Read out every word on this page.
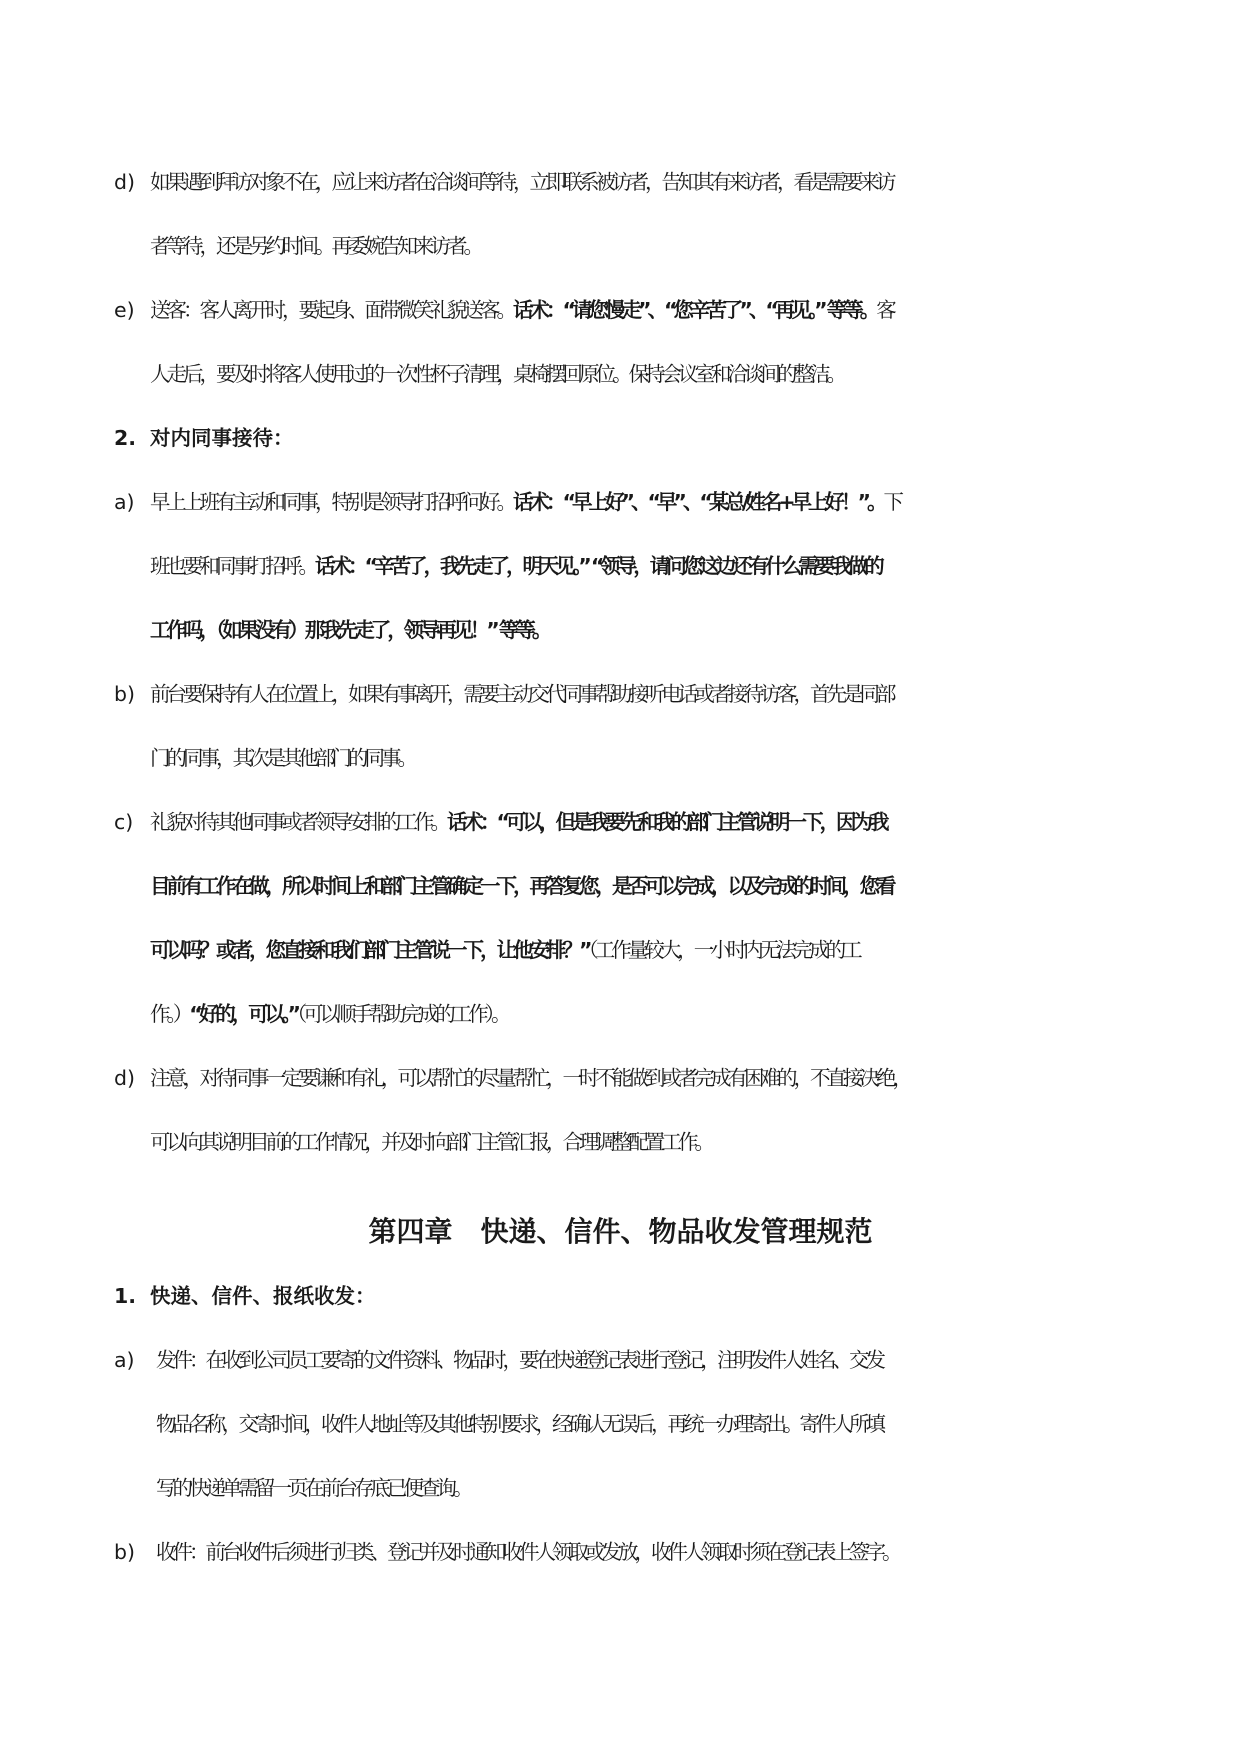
d) 如果遇到拜访对象不在，应让来访者在洽谈间等待，立即联系被访者，告知其有来访者，看是需要来访

者等待，还是另约时间。再委婉告知来访者。

e) 送客：客人离开时，要起身、面带微笑礼貌送客。话术：“请您慢走”、“您辛苦了”、“再见。” 等等。客

人走后，要及时将客人使用过的一次性杯子清理，桌椅摆回原位。保持会议室和洽谈间的整洁。

2. 对内同事接待：
a) 早上上班有主动和同事，特别是领导打招呼问好。话术：“早上好”、“早”、“某总/姓名+早上好！”。下

班也要和同事打招呼。话术：“辛苦了，我先走了，明天见。” “领导，请问您这边还有什么需要我做的

工作吗，（如果没有）那我先走了，领导再见！” 等等。

b) 前台要保持有人在位置上，如果有事离开，需要主动交代同事帮助接听电话或者接待访客，首先是同部

门的同事，其次是其他部门的同事。

c) 礼貌对待其他同事或者领导安排的工作。话术：“可以，但是我要先和我的部门主管说明一下，因为我

目前有工作在做，所以时间上和部门主管确定一下，再答复您，是否可以完成，以及完成的时间，您看

可以吗？或者，您直接和我们部门主管说一下，让他安排？”（工作量较大，一小时内无法完成的工

作。）“好的，可以。”（可以顺手帮助完成的工作）。

d) 注意，对待同事一定要谦和有礼，可以帮忙的尽量帮忙，一时不能做到或者完成有困难的，不直接决绝，

可以向其说明目前的工作情况，并及时向部门主管汇报，合理调整配置工作。

第四章　快递、信件、物品收发管理规范
1. 快递、信件、报纸收发：
a) 发件：在收到公司员工要寄的文件资料、物品时，要在快递登记表进行登记，注明发件人姓名、交发

物品名称，交寄时间，收件人地址等及其他特别要求，经确认无误后，再统一办理寄出。寄件人所填

写的快递单需留一页在前台存底已便查询。

b) 收件：前台收件后须进行归类、登记并及时通知收件人领取或发放，收件人领取时须在登记表上签字。
